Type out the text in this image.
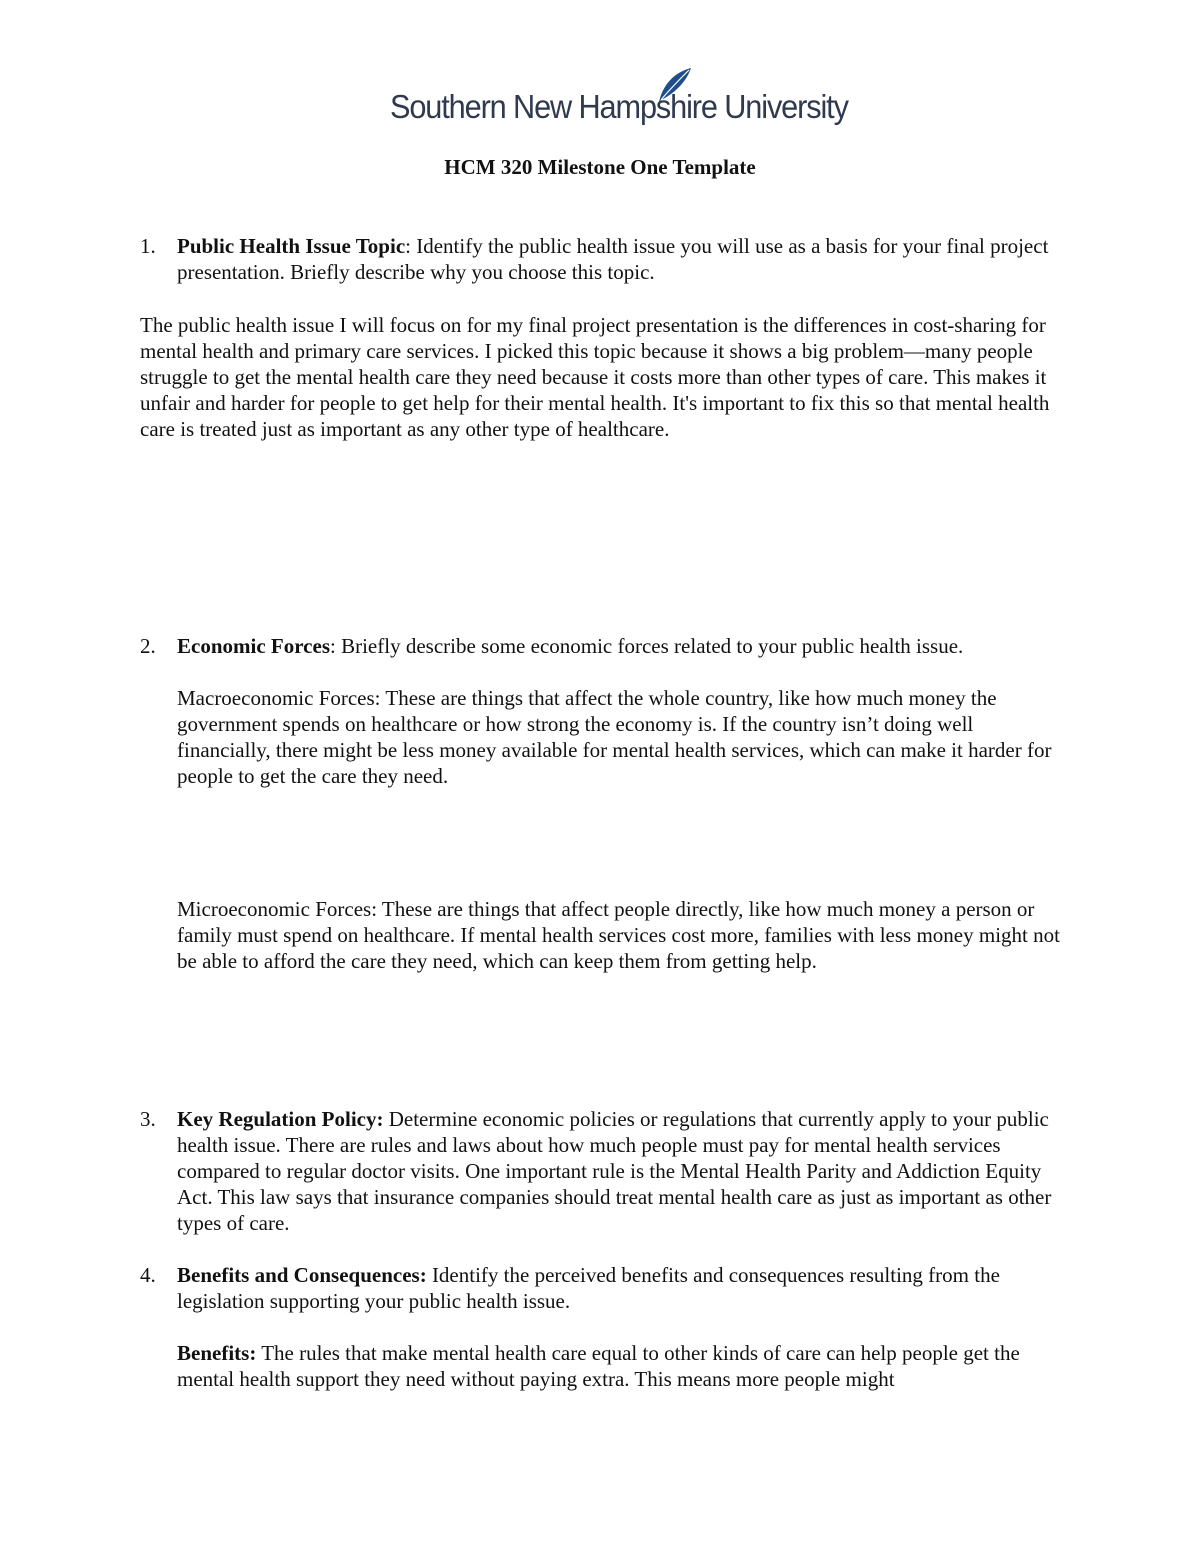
Southern New Hampshire University
HCM 320 Milestone One Template
1. Public Health Issue Topic: Identify the public health issue you will use as a basis for your final project presentation. Briefly describe why you choose this topic.
The public health issue I will focus on for my final project presentation is the differences in cost-sharing for mental health and primary care services. I picked this topic because it shows a big problem—many people struggle to get the mental health care they need because it costs more than other types of care. This makes it unfair and harder for people to get help for their mental health. It's important to fix this so that mental health care is treated just as important as any other type of healthcare.
2. Economic Forces: Briefly describe some economic forces related to your public health issue.
Macroeconomic Forces: These are things that affect the whole country, like how much money the government spends on healthcare or how strong the economy is. If the country isn’t doing well financially, there might be less money available for mental health services, which can make it harder for people to get the care they need.
Microeconomic Forces: These are things that affect people directly, like how much money a person or family must spend on healthcare. If mental health services cost more, families with less money might not be able to afford the care they need, which can keep them from getting help.
3. Key Regulation Policy: Determine economic policies or regulations that currently apply to your public health issue. There are rules and laws about how much people must pay for mental health services compared to regular doctor visits. One important rule is the Mental Health Parity and Addiction Equity Act. This law says that insurance companies should treat mental health care as just as important as other types of care.
4. Benefits and Consequences: Identify the perceived benefits and consequences resulting from the legislation supporting your public health issue.
Benefits: The rules that make mental health care equal to other kinds of care can help people get the mental health support they need without paying extra. This means more people might
